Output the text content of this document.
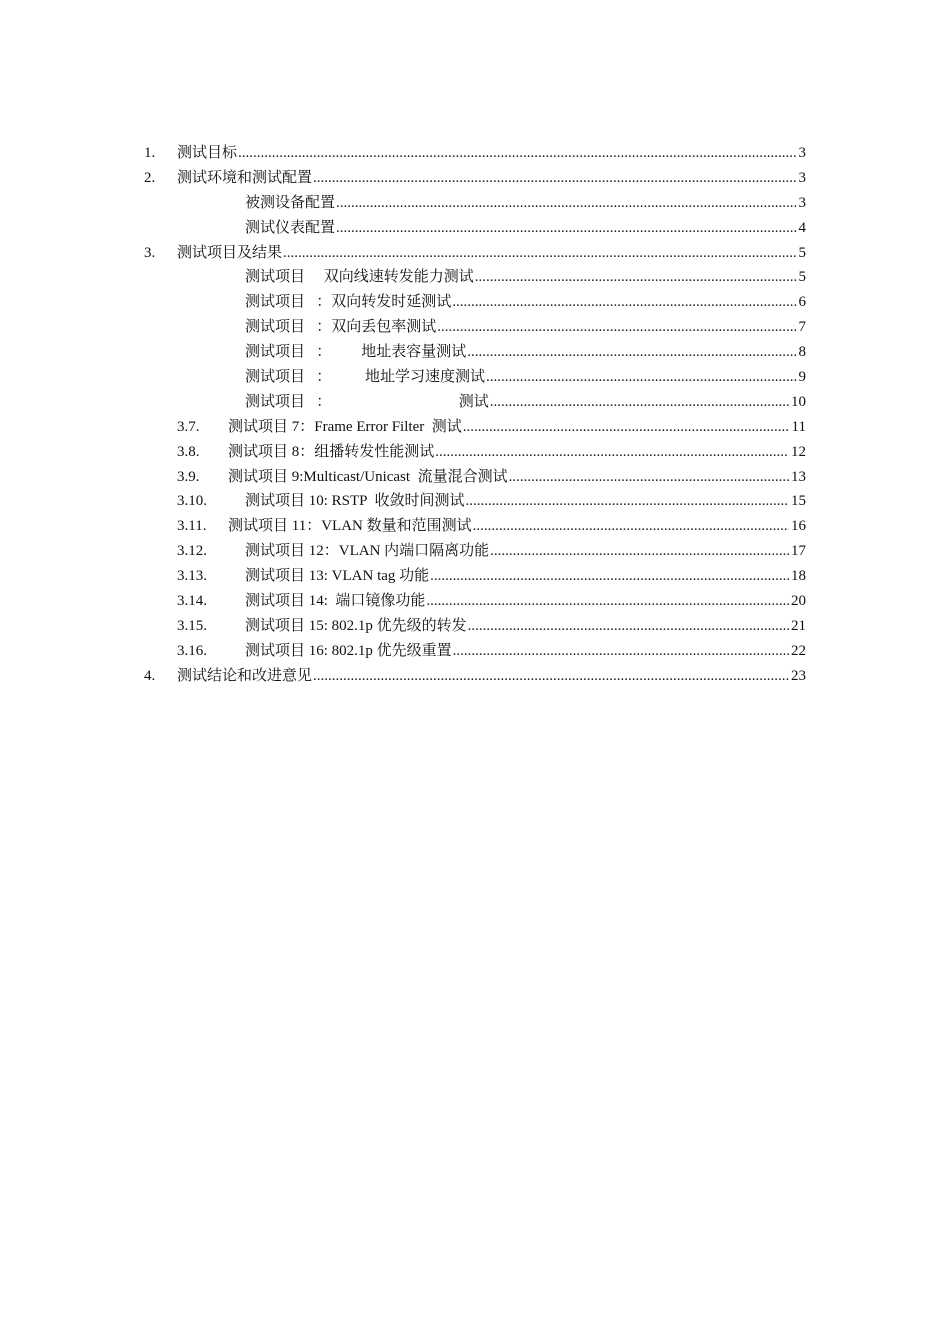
1. 测试目标 .....	3
2. 测试环境和测试配置 .....	3
被测设备配置 .....	3
测试仪表配置 .....	4
3. 测试项目及结果 .....	5
测试项目     双向线速转发能力测试 .....	5
测试项目   ：双向转发时延测试 .....	6
测试项目   ：双向丢包率测试 .....	7
测试项目   ：        地址表容量测试 .....	8
测试项目   ：         地址学习速度测试 .....	9
测试项目   ：                                  测试 .....	10
3.7. 测试项目 7：Frame Error Filter  测试 .....	11
3.8. 测试项目 8：组播转发性能测试 .....	12
3.9. 测试项目 9:Multicast/Unicast  流量混合测试 .....	13
3.10.	测试项目 10: RSTP  收敛时间测试 .....	15
3.11. 测试项目 11：VLAN 数量和范围测试 .....	16
3.12.	测试项目 12：VLAN 内端口隔离功能 .....	17
3.13.	测试项目 13: VLAN tag 功能 .....	18
3.14.	测试项目 14:  端口镜像功能 .....	20
3.15.	测试项目 15: 802.1p 优先级的转发 .....	21
3.16.	测试项目 16: 802.1p 优先级重置 .....	22
4. 测试结论和改进意见 .....	23
